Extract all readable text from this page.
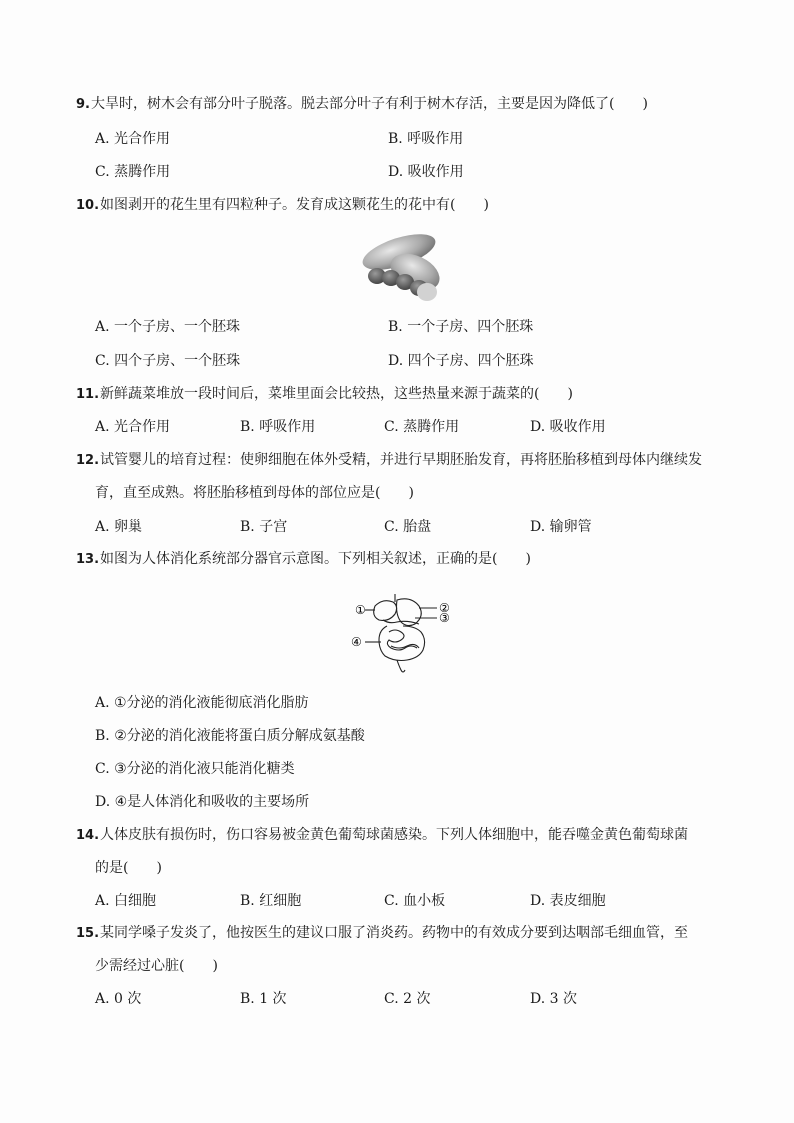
9.大旱时，树木会有部分叶子脱落。脱去部分叶子有利于树木存活，主要是因为降低了(　　)
A. 光合作用	B. 呼吸作用
C. 蒸腾作用	D. 吸收作用
10.如图剥开的花生里有四粒种子。发育成这颗花生的花中有(　　)
A. 一个子房、一个胚珠	B. 一个子房、四个胚珠
C. 四个子房、一个胚珠	D. 四个子房、四个胚珠
11.新鲜蔬菜堆放一段时间后，菜堆里面会比较热，这些热量来源于蔬菜的(　　)
A. 光合作用	B. 呼吸作用	C. 蒸腾作用	D. 吸收作用
12.试管婴儿的培育过程：使卵细胞在体外受精，并进行早期胚胎发育，再将胚胎移植到母体内继续发
育，直至成熟。将胚胎移植到母体的部位应是(　　)
A. 卵巢	B. 子宫	C. 胎盘	D. 输卵管
13.如图为人体消化系统部分器官示意图。下列相关叙述，正确的是(　　)
①	②
③
④
A. ①分泌的消化液能彻底消化脂肪
B. ②分泌的消化液能将蛋白质分解成氨基酸
C. ③分泌的消化液只能消化糖类
D. ④是人体消化和吸收的主要场所
14.人体皮肤有损伤时，伤口容易被金黄色葡萄球菌感染。下列人体细胞中，能吞噬金黄色葡萄球菌
的是(　　)
A. 白细胞	B. 红细胞	C. 血小板	D. 表皮细胞
15.某同学嗓子发炎了，他按医生的建议口服了消炎药。药物中的有效成分要到达咽部毛细血管，至
少需经过心脏(　　)
A. 0 次	B. 1 次	C. 2 次	D. 3 次
